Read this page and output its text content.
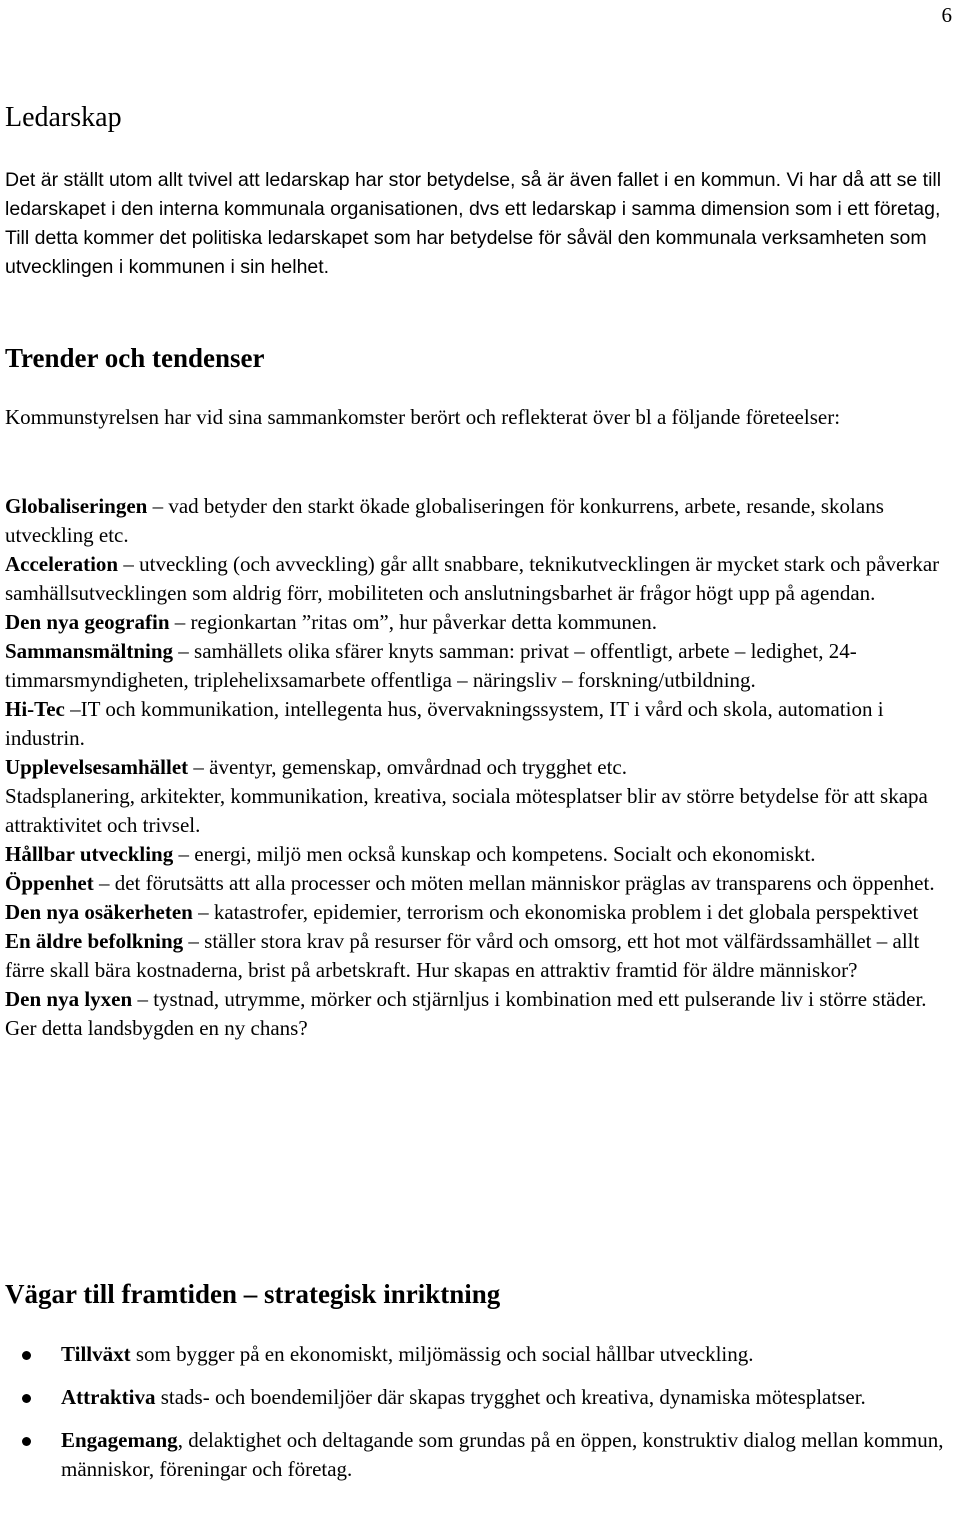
6
Ledarskap

Det är ställt utom allt tvivel att ledarskap har stor betydelse, så är även fallet i en kommun. Vi har då att se till ledarskapet i den interna kommunala organisationen, dvs ett ledarskap i samma dimension som i ett företag, Till detta kommer det politiska ledarskapet som har betydelse för såväl den kommunala verksamheten som utvecklingen i kommunen i sin helhet.

Trender och tendenser

Kommunstyrelsen har vid sina sammankomster berört och reflekterat över bl a följande företeelser:

Globaliseringen – vad betyder den starkt ökade globaliseringen för konkurrens, arbete, resande, skolans utveckling etc.

Acceleration – utveckling (och avveckling) går allt snabbare, teknikutvecklingen är mycket stark och påverkar samhällsutvecklingen som aldrig förr, mobiliteten och anslutningsbarhet är frågor högt upp på agendan.

Den nya geografin – regionkartan ”ritas om”, hur påverkar detta kommunen.

Sammansmältning – samhällets olika sfärer knyts samman: privat – offentligt, arbete – ledighet, 24-timmarsmyndigheten, triplehelixsamarbete offentliga – näringsliv – forskning/utbildning.

Hi-Tec –IT och kommunikation, intellegenta hus, övervakningssystem, IT i vård och skola, automation i industrin.

Upplevelsesamhället – äventyr, gemenskap, omvårdnad och trygghet etc.

Stadsplanering, arkitekter, kommunikation, kreativa, sociala mötesplatser blir av större betydelse för att skapa attraktivitet och trivsel.

Hållbar utveckling – energi, miljö men också kunskap och kompetens. Socialt och ekonomiskt.

Öppenhet – det förutsätts att alla processer och möten mellan människor präglas av transparens och öppenhet.

Den nya osäkerheten – katastrofer, epidemier, terrorism och ekonomiska problem i det globala perspektivet

En äldre befolkning – ställer stora krav på resurser för vård och omsorg, ett hot mot välfärdssamhället – allt färre skall bära kostnaderna, brist på arbetskraft. Hur skapas en attraktiv framtid för äldre människor?

Den nya lyxen – tystnad, utrymme, mörker och stjärnljus i kombination med ett pulserande liv i större städer. Ger detta landsbygden en ny chans?

Vägar till framtiden – strategisk inriktning
Tillväxt som bygger på en ekonomiskt, miljömässig och social hållbar utveckling.
Attraktiva stads- och boendemiljöer där skapas trygghet och kreativa, dynamiska mötesplatser.
Engagemang, delaktighet och deltagande som grundas på en öppen, konstruktiv dialog mellan kommun, människor, föreningar och företag.
